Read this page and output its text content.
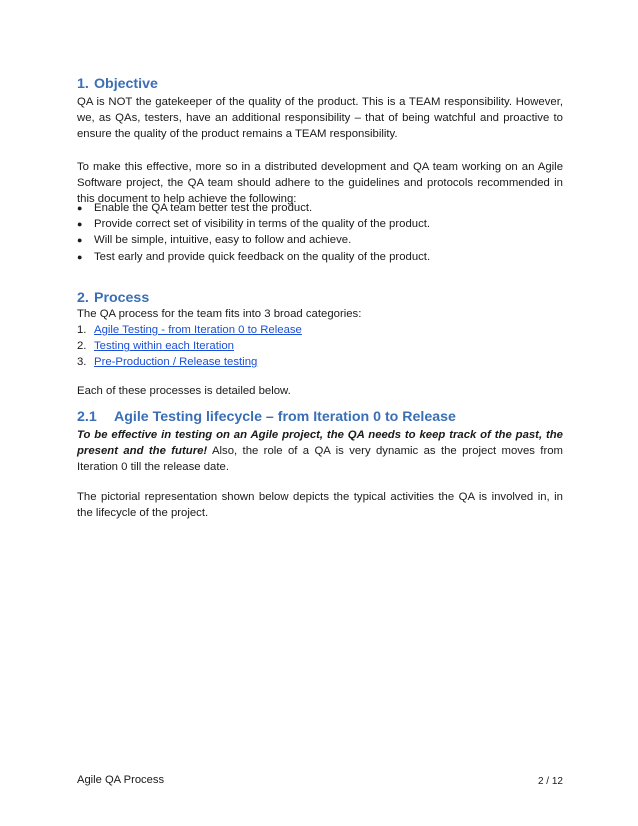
1. Objective
QA is NOT the gatekeeper of the quality of the product. This is a TEAM responsibility. However,
we, as QAs, testers, have an additional responsibility – that of being watchful and proactive to
ensure the quality of the product remains a TEAM responsibility.
To make this effective, more so in a distributed development and QA team working on an Agile
Software project, the QA team should adhere to the guidelines and protocols recommended in
this document to help achieve the following:
● Enable the QA team better test the product.
● Provide correct set of visibility in terms of the quality of the product.
● Will be simple, intuitive, easy to follow and achieve.
● Test early and provide quick feedback on the quality of the product.
2. Process
The QA process for the team fits into 3 broad categories:
1. Agile Testing - from Iteration 0 to Release
2. Testing within each Iteration
3. Pre-Production / Release testing
Each of these processes is detailed below.
2.1 Agile Testing lifecycle – from Iteration 0 to Release
To be effective in testing on an Agile project, the QA needs to keep track of the past, the
present and the future! Also, the role of a QA is very dynamic as the project moves from
Iteration 0 till the release date.
The pictorial representation shown below depicts the typical activities the QA is involved in, in
the lifecycle of the project.
Agile QA Process	2 / 12
